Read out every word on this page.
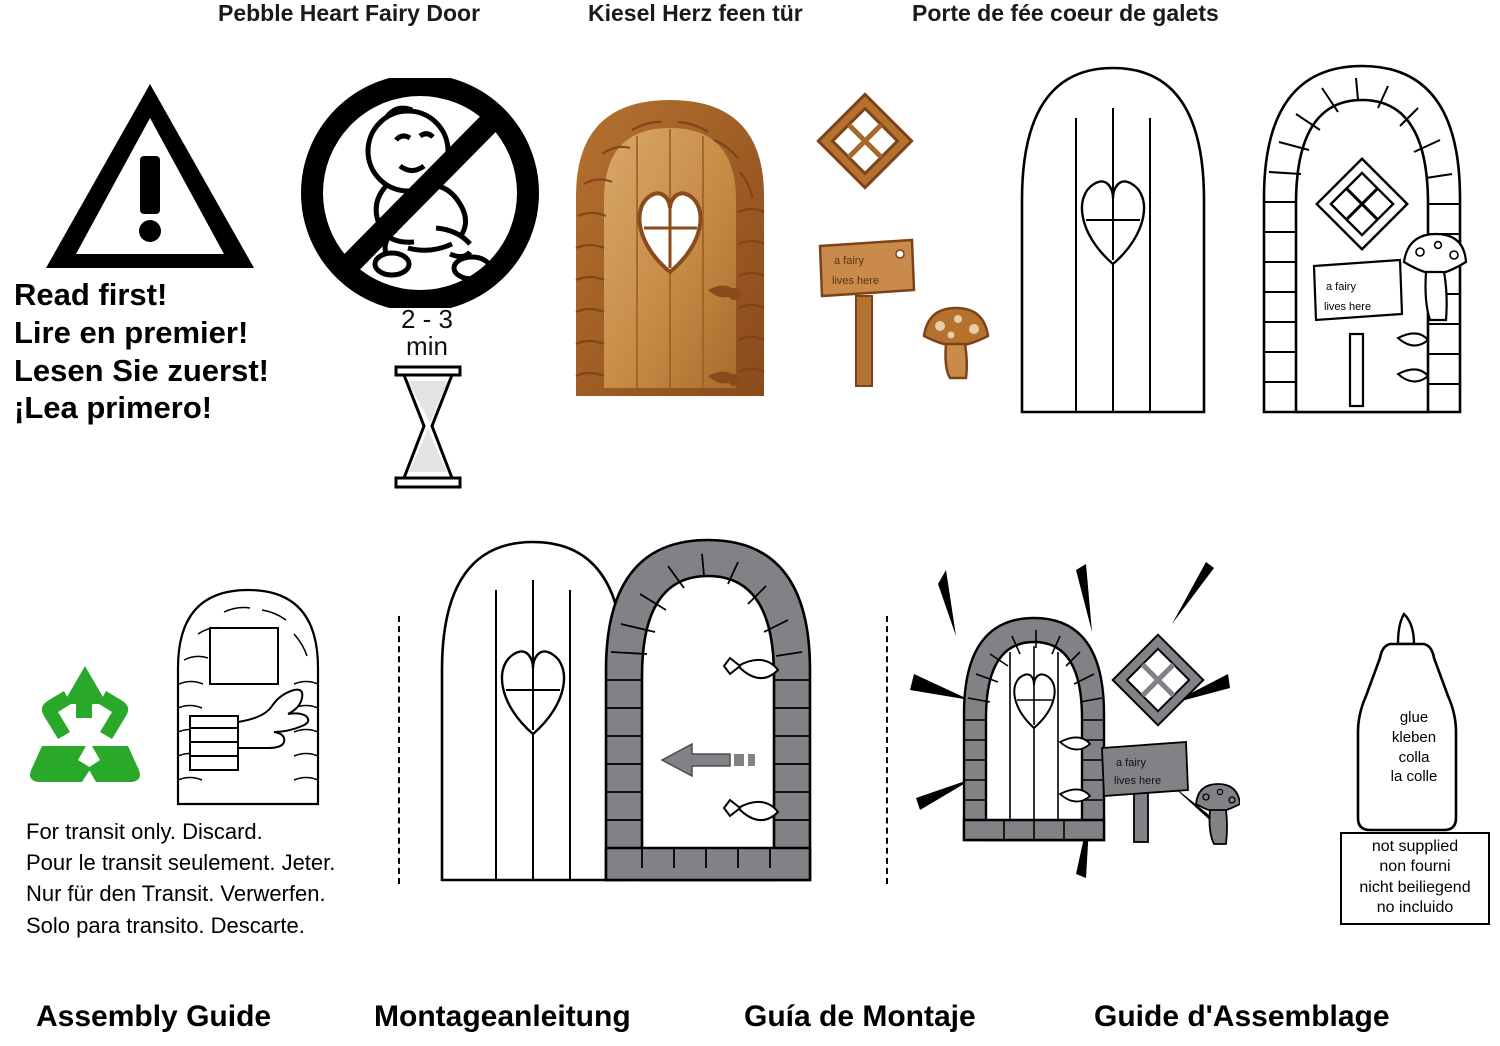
Pebble Heart Fairy Door	Kiesel Herz feen tür	Porte de fée coeur de galets
Read first!
Lire en premier!
Lesen Sie zuerst!
¡Lea primero!
2 - 3
min
a fairy
lives here	a fairy
lives here
For transit only. Discard.
Pour le transit seulement. Jeter.
Nur für den Transit. Verwerfen.
Solo para transito. Descarte.
a fairy
lives here
glue
kleben
colla
la colle
not supplied
non fourni
nicht beiliegend
no incluido
Assembly Guide	Montageanleitung	Guía de Montaje	Guide d'Assemblage
